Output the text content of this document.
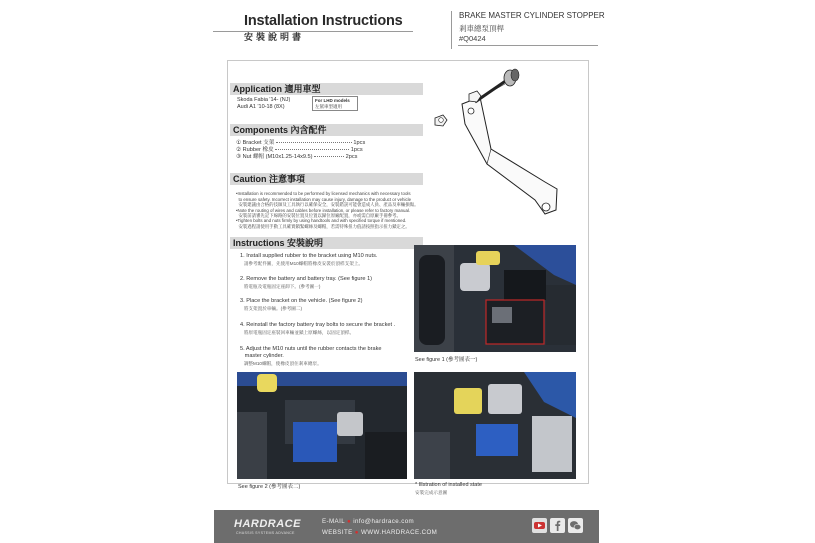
Installation Instructions
安裝說明書
BRAKE MASTER CYLINDER STOPPER
剎車總泵頂桿
#Q0424
Application 適用車型
Components 內含配件
Caution 注意事項
Instructions 安裝說明
Skoda Fabia '14- (NJ)
Audi A1 '10-18 (8X)
For LHD models
左駕車型適用
① Bracket 支架	1pcs
② Rubber 橡皮	1pcs
③ Nut 螺帽 (M10x1.25-14x9.5)	2pcs

•Installation is recommended to be performed by licensed mechanics with necessary tools
to ensure safety. Incorrect installation may cause injury, damage to the product or vehicle
安裝建議由合格的技師及工具執行以確保安全，安裝錯誤可能會造成人員、產品及車輛損傷。
•Note the routing of wires and cables before installation, or please refer to factory manual.
安裝前請審先記下線路的安裝位置及位置以歸位原廠配置，亦或需自原廠手冊參考。
•Tighten bolts and nuts firmly by using handtools and with specified torque if mentioned.
安裝過程請使用手動工具確實鎖緊螺絲及螺帽，若需特殊扭力值請按照指示扭力鎖定之。

1. Install supplied rubber to the bracket using M10 nuts.
請參考配件圖，先使用M10螺帽將橡皮安裝於頂桿支架上。
2. Remove the battery and battery tray. (See figure 1)
將電瓶及電瓶固定座卸下。(參考圖一)
3. Place the bracket on the vehicle. (See figure 2)
將支架置於車輛。(參考圖二)
4. Reinstall the factory battery tray bolts to secure the bracket .
將原電瓶固定座裝回車輛並鎖上原螺絲，以固定頂桿。
5. Adjust the M10 nuts until the rubber contacts the brake
master cylinder.
調整M10螺帽，使橡皮頂住剎車總泵。
See figure 1 (參考圖表一)
See figure 2 (參考圖表二)	* Illstration of installed state
安裝完成示意圖
HARDRACE
CHASSIS SYSTEMS ADVANCE
E-MAIL ● info@hardrace.com
WEBSITE ● WWW.HARDRACE.COM
